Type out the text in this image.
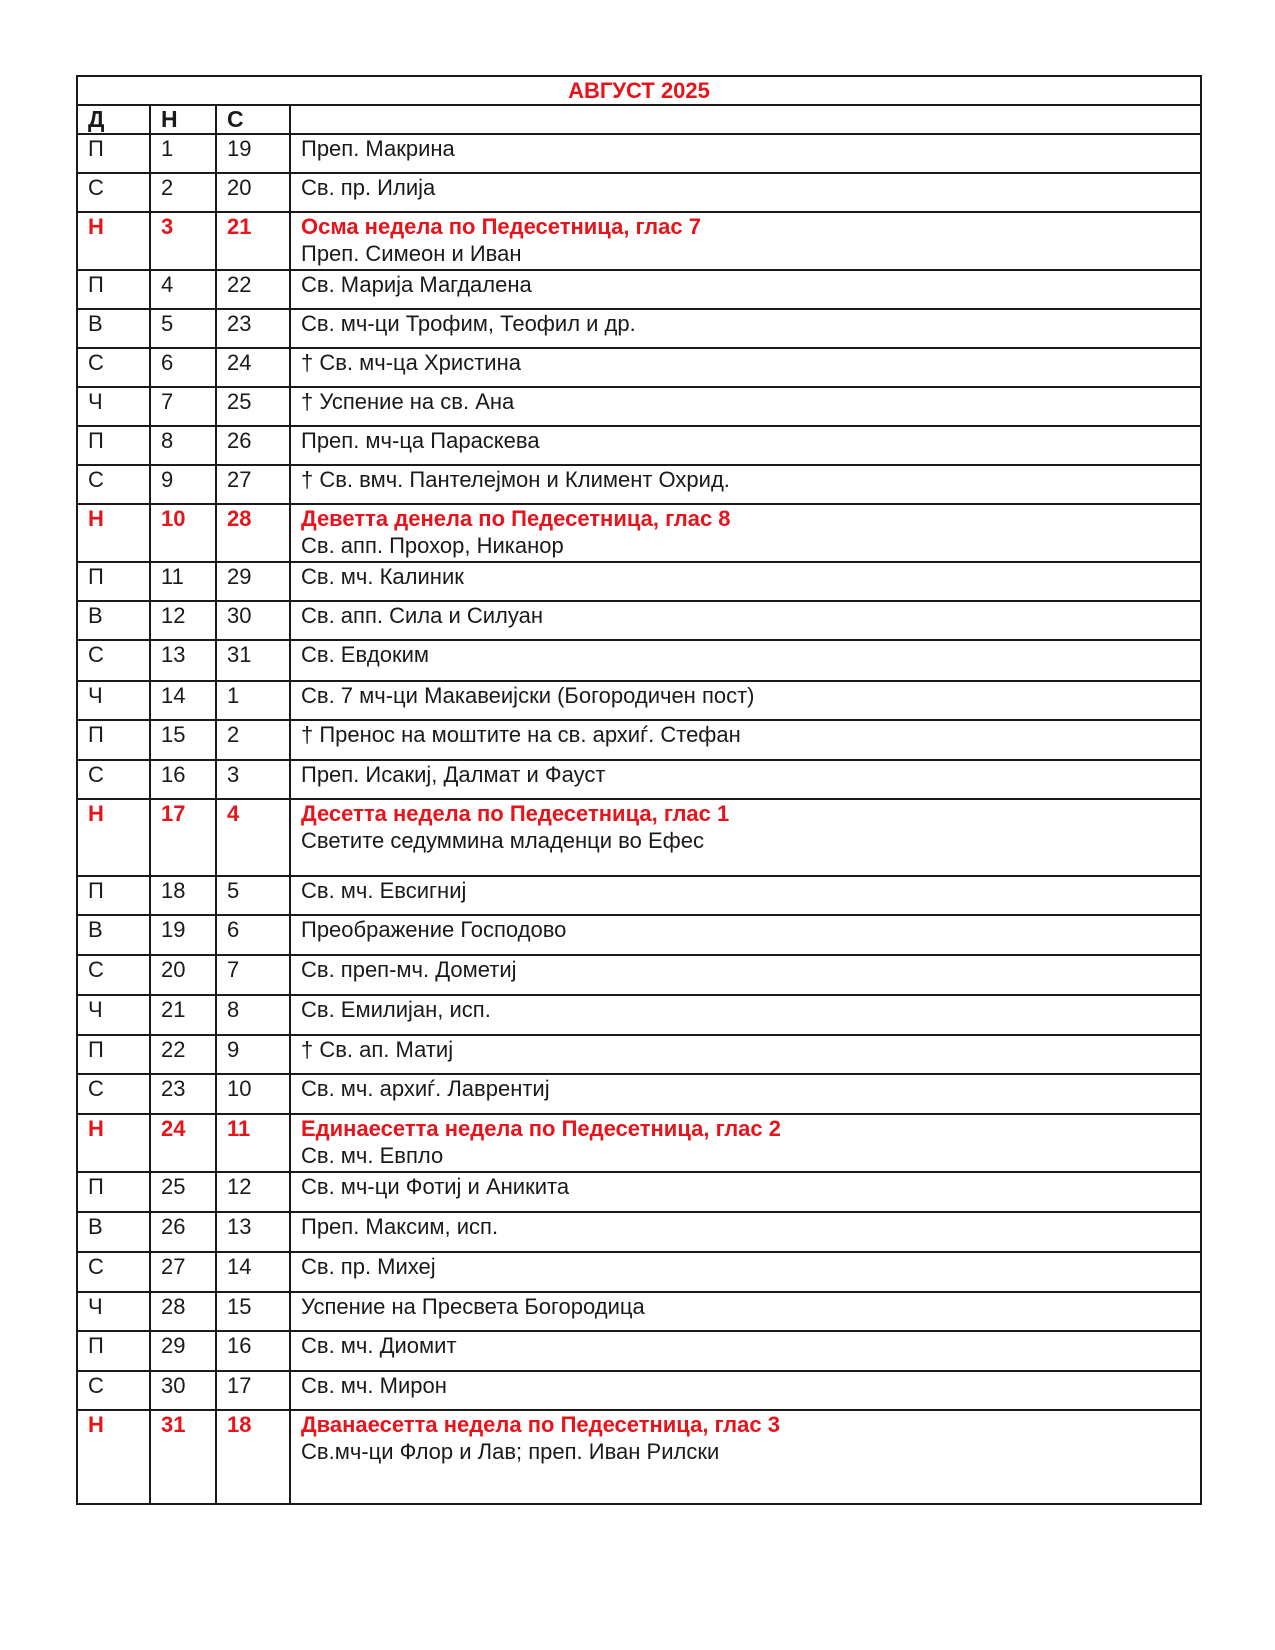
АВГУСТ 2025			
Д	Н	С	
П	1	19	Преп. Макрина
С	2	20	Св. пр. Илија
Н	3	21	Осма недела по Педесетница, глас 7
Преп. Симеон и Иван

П	4	22	Св. Марија Магдалена
В	5	23	Св. мч-ци Трофим, Теофил и др.
С	6	24	† Св. мч-ца Христина
Ч	7	25	† Успение на св. Ана
П	8	26	Преп. мч-ца Параскева
С	9	27	† Св. вмч. Пантелејмон и Климент Охрид.
Н	10	28	Деветта денела по Педесетница, глас 8
Св. апп. Прохор, Никанор

П	11	29	Св. мч. Калиник
В	12	30	Св. апп. Сила и Силуан
С	13	31	Св. Евдоким
Ч	14	1	Св. 7 мч-ци Макавеијски (Богородичен пост)
П	15	2	† Пренос на моштите на св. архиѓ. Стефан
С	16	3	Преп. Исакиј, Далмат и Фауст
Н	17	4	Десетта недела по Педесетница, глас 1
Светите седуммина младенци во Ефес

П	18	5	Св. мч. Евсигниј
В	19	6	Преображение Господово
С	20	7	Св. преп-мч. Дометиј
Ч	21	8	Св. Емилијан, исп.
П	22	9	† Св. ап. Матиј
С	23	10	Св. мч. архиѓ. Лаврентиј
Н	24	11	Единаесетта недела по Педесетница, глас 2
Св. мч. Евпло

П	25	12	Св. мч-ци Фотиј и Аникита
В	26	13	Преп. Максим, исп.
С	27	14	Св. пр. Михеј
Ч	28	15	Успение на Пресвета Богородица
П	29	16	Св. мч. Диомит
С	30	17	Св. мч. Мирон
Н	31	18	Дванаесетта недела по Педесетница, глас 3
Св.мч-ци Флор и Лав; преп. Иван Рилски
